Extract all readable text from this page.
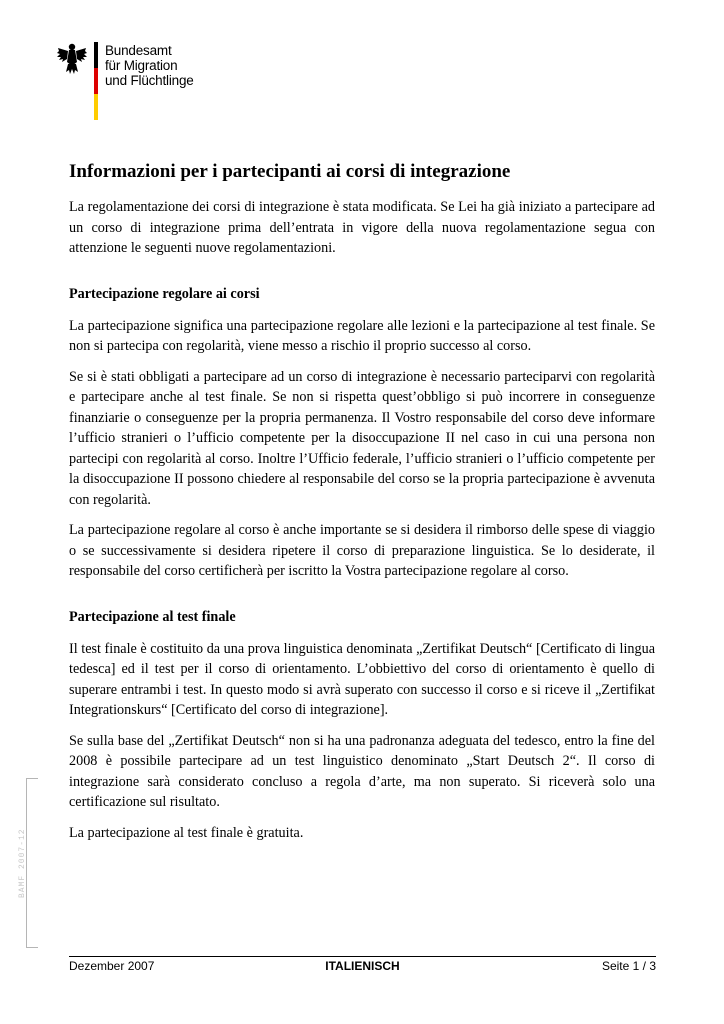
Bundesamt
für Migration
und Flüchtlinge
Informazioni per i partecipanti ai corsi di integrazione

La regolamentazione dei corsi di integrazione è stata modificata. Se Lei ha già iniziato a partecipare ad un corso di integrazione prima dell’entrata in vigore della nuova regolamentazione segua con attenzione le seguenti nuove regolamentazioni.

Partecipazione regolare ai corsi

La partecipazione significa una partecipazione regolare alle lezioni e la partecipazione al test finale. Se non si partecipa con regolarità, viene messo a rischio il proprio successo al corso.

Se si è stati obbligati a partecipare ad un corso di integrazione è necessario parteciparvi con regolarità e partecipare anche al test finale. Se non si rispetta quest’obbligo si può incorrere in conseguenze finanziarie o conseguenze per la propria permanenza. Il Vostro responsabile del corso deve informare l’ufficio stranieri o l’ufficio competente per la disoccupazione II nel caso in cui una persona non partecipi con regolarità al corso. Inoltre l’Ufficio federale, l’ufficio stranieri o l’ufficio competente per la disoccupazione II possono chiedere al responsabile del corso se la propria partecipazione è avvenuta con regolarità.

La partecipazione regolare al corso è anche importante se si desidera il rimborso delle spese di viaggio o se successivamente si desidera ripetere il corso di preparazione linguistica. Se lo desiderate, il responsabile del corso certificherà per iscritto la Vostra partecipazione regolare al corso.

Partecipazione al test finale

Il test finale è costituito da una prova linguistica denominata „Zertifikat Deutsch“ [Certificato di lingua tedesca] ed il test per il corso di orientamento. L’obbiettivo del corso di orientamento è quello di superare entrambi i test. In questo modo si avrà superato con successo il corso e si riceve il „Zertifikat Integrationskurs“ [Certificato del corso di integrazione].

Se sulla base del „Zertifikat Deutsch“ non si ha una padronanza adeguata del tedesco, entro la fine del 2008 è possibile partecipare ad un test linguistico denominato „Start Deutsch 2“. Il corso di integrazione sarà considerato concluso a regola d’arte, ma non superato. Si riceverà solo una certificazione sul risultato.

La partecipazione al test finale è gratuita.

BAMF 2007-12
Dezember 2007	ITALIENISCH	Seite 1 / 3
